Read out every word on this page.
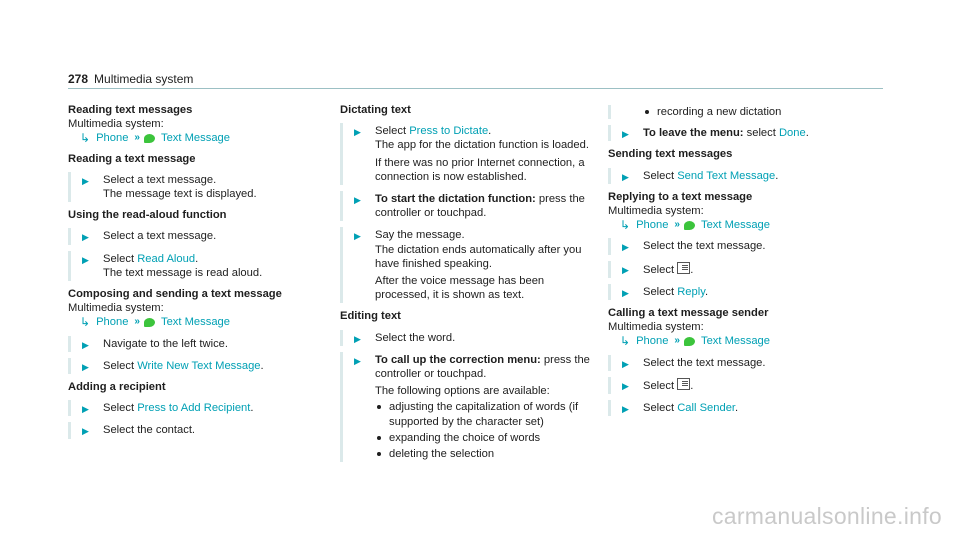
278 Multimedia system

Reading text messages

Multimedia system:

↳ Phone » Text Message

Reading a text message

▶ Select a text message.
The message text is displayed.

Using the read-aloud function

▶ Select a text message.
▶ Select Read Aloud.
The text message is read aloud.

Composing and sending a text message

Multimedia system:

↳ Phone » Text Message
▶ Navigate to the left twice.
▶ Select Write New Text Message.

Adding a recipient

▶ Select Press to Add Recipient.
▶ Select the contact.

Dictating text

▶ Select Press to Dictate.
The app for the dictation function is loaded.
If there was no prior Internet connection, a connection is now established.
▶ To start the dictation function: press the controller or touchpad.
▶ Say the message.
The dictation ends automatically after you have finished speaking.
After the voice message has been processed, it is shown as text.

Editing text

▶ Select the word.
▶ To call up the correction menu: press the controller or touchpad.
The following options are available:
adjusting the capitalization of words (if supported by the character set)
expanding the choice of words
deleting the selection
recording a new dictation
▶ To leave the menu: select Done.

Sending text messages

▶ Select Send Text Message.

Replying to a text message

Multimedia system:

↳ Phone » Text Message
▶ Select the text message.
▶ Select
.
▶ Select Reply.

Calling a text message sender

Multimedia system:

↳ Phone » Text Message
▶ Select the text message.
▶ Select
.
▶ Select Call Sender.
carmanualsonline.info
